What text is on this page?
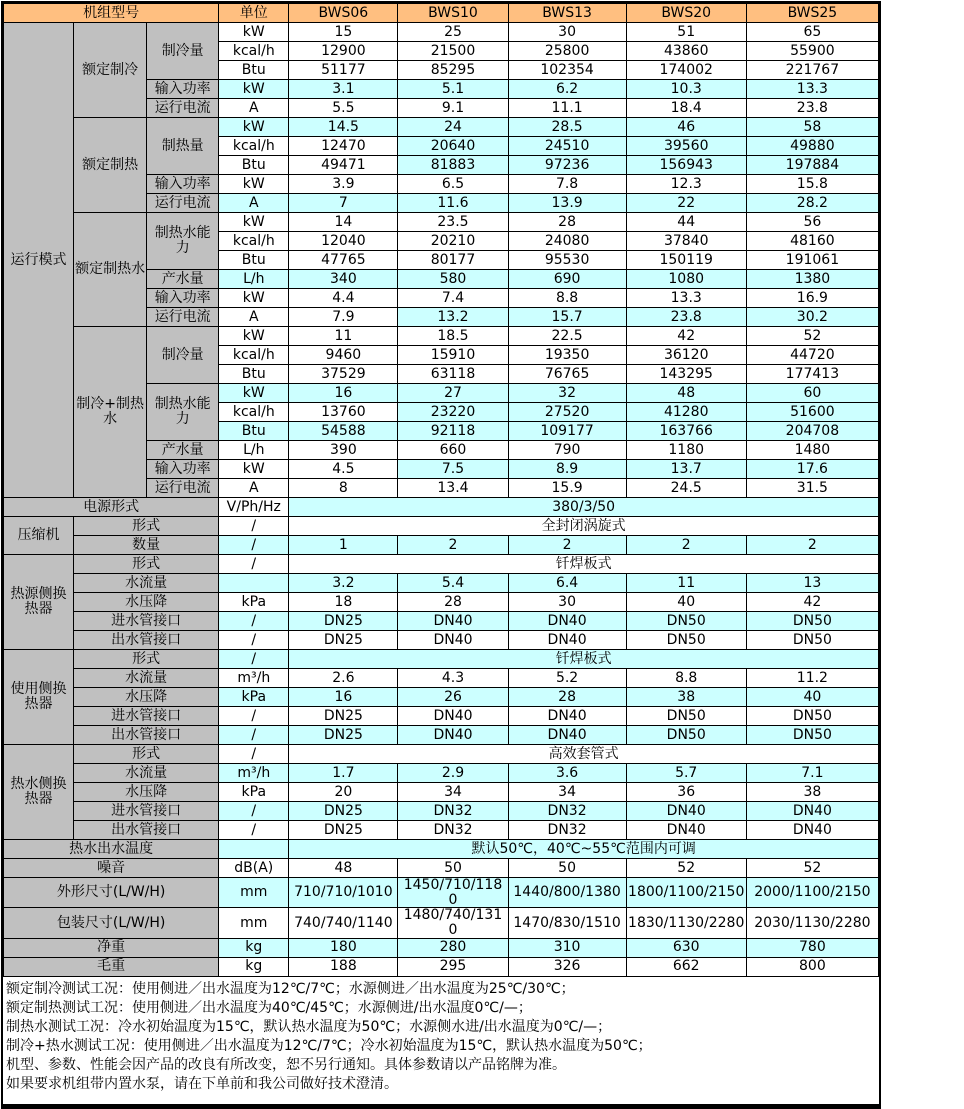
机组型号			单位	BWS06	BWS10	BWS13	BWS20	BWS25
运行模式	额定制冷	制冷量	kW	15	25	30	51	65
			kcal/h	12900	21500	25800	43860	55900
			Btu	51177	85295	102354	174002	221767
		输入功率	kW	3.1	5.1	6.2	10.3	13.3
		运行电流	A	5.5	9.1	11.1	18.4	23.8
	额定制热	制热量	kW	14.5	24	28.5	46	58
			kcal/h	12470	20640	24510	39560	49880
			Btu	49471	81883	97236	156943	197884
		输入功率	kW	3.9	6.5	7.8	12.3	15.8
		运行电流	A	7	11.6	13.9	22	28.2
	额定制热水	制热水能力	kW	14	23.5	28	44	56
			kcal/h	12040	20210	24080	37840	48160
			Btu	47765	80177	95530	150119	191061
		产水量	L/h	340	580	690	1080	1380
		输入功率	kW	4.4	7.4	8.8	13.3	16.9
		运行电流	A	7.9	13.2	15.7	23.8	30.2
	制冷+制热水	制冷量	kW	11	18.5	22.5	42	52
			kcal/h	9460	15910	19350	36120	44720
			Btu	37529	63118	76765	143295	177413
		制热水能力	kW	16	27	32	48	60
			kcal/h	13760	23220	27520	41280	51600
			Btu	54588	92118	109177	163766	204708
		产水量	L/h	390	660	790	1180	1480
		输入功率	kW	4.5	7.5	8.9	13.7	17.6
		运行电流	A	8	13.4	15.9	24.5	31.5
电源形式			V/Ph/Hz	380/3/50				
压缩机	形式		/	全封闭涡旋式				
	数量		/	1	2	2	2	2
热源侧换热器	形式		/	钎焊板式				
	水流量			3.2	5.4	6.4	11	13
	水压降		kPa	18	28	30	40	42
	进水管接口		/	DN25	DN40	DN40	DN50	DN50
	出水管接口		/	DN25	DN40	DN40	DN50	DN50
使用侧换热器	形式		/	钎焊板式				
	水流量		m³/h	2.6	4.3	5.2	8.8	11.2
	水压降		kPa	16	26	28	38	40
	进水管接口		/	DN25	DN40	DN40	DN50	DN50
	出水管接口		/	DN25	DN40	DN40	DN50	DN50
热水侧换热器	形式		/	高效套管式				
	水流量		m³/h	1.7	2.9	3.6	5.7	7.1
	水压降		kPa	20	34	34	36	38
	进水管接口		/	DN25	DN32	DN32	DN40	DN40
	出水管接口		/	DN25	DN32	DN32	DN40	DN40
热水出水温度				默认50℃，40℃~55℃范围内可调				
噪音			dB(A)	48	50	50	52	52
外形尺寸(L/W/H)			mm	710/710/1010	1450/710/1180	1440/800/1380	1800/1100/2150	2000/1100/2150
包装尺寸(L/W/H)			mm	740/740/1140	1480/740/1310	1470/830/1510	1830/1130/2280	2030/1130/2280
净重			kg	180	280	310	630	780
毛重			kg	188	295	326	662	800
额定制冷测试工况：使用侧进／出水温度为12℃/7℃；水源侧进／出水温度为25℃/30℃；
额定制热测试工况：使用侧进／出水温度为40℃/45℃；水源侧进/出水温度0℃/—；
制热水测试工况：冷水初始温度为15℃，默认热水温度为50℃；水源侧水进/出水温度为0℃/—；
制冷+热水测试工况：使用侧进／出水温度为12℃/7℃；冷水初始温度为15℃，默认热水温度为50℃；
机型、参数、性能会因产品的改良有所改变，恕不另行通知。具体参数请以产品铭牌为准。
如果要求机组带内置水泵，请在下单前和我公司做好技术澄清。
